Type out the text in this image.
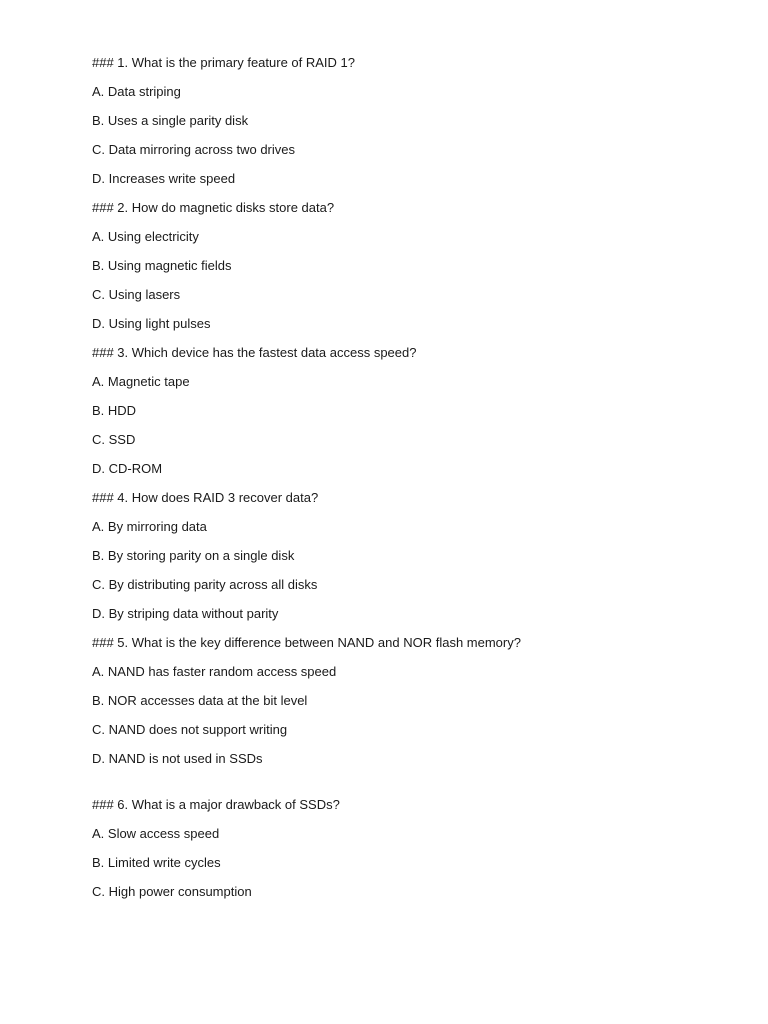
### 1. What is the primary feature of RAID 1?
A. Data striping
B. Uses a single parity disk
C. Data mirroring across two drives
D. Increases write speed
### 2. How do magnetic disks store data?
A. Using electricity
B. Using magnetic fields
C. Using lasers
D. Using light pulses
### 3. Which device has the fastest data access speed?
A. Magnetic tape
B. HDD
C. SSD
D. CD-ROM
### 4. How does RAID 3 recover data?
A. By mirroring data
B. By storing parity on a single disk
C. By distributing parity across all disks
D. By striping data without parity
### 5. What is the key difference between NAND and NOR flash memory?
A. NAND has faster random access speed
B. NOR accesses data at the bit level
C. NAND does not support writing
D. NAND is not used in SSDs
### 6. What is a major drawback of SSDs?
A. Slow access speed
B. Limited write cycles
C. High power consumption
